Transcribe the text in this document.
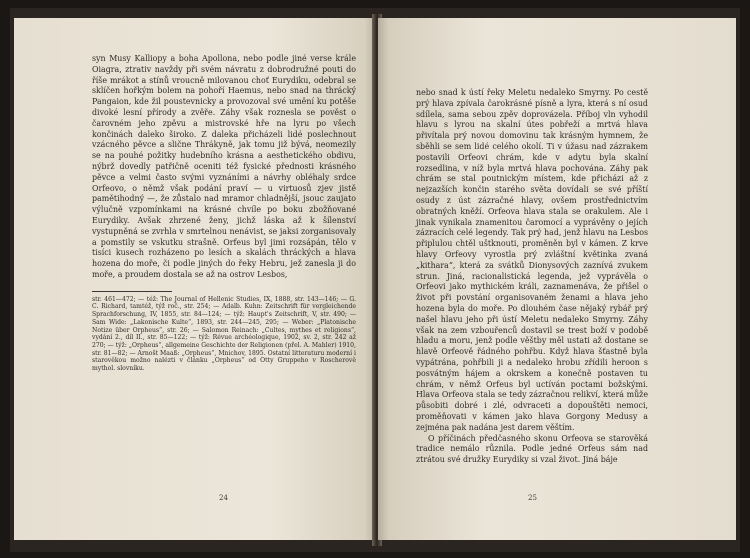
syn Musy Kalliopy a boha Apollona, nebo podle jiné verse krále Oiagra, ztrativ navždy při svém návratu z dobrodružné pouti do říše mrákot a stínů vroucně milovanou choť Eurydiku, odebral se sklíčen hořkým bolem na pohoří Haemus, nebo snad na thrácký Pangaion, kde žil poustevnicky a provozoval své umění ku potěše divoké lesní přírody a zvěře. Záhy však roznesla se pověst o čarovném jeho zpěvu a mistrovské hře na lyru po všech končinách daleko široko. Z daleka přicházeli lidé poslechnout vzácného pěvce a slične Thrákyně, jak tomu již bývá, neomezily se na pouhé požitky hudebního krásna a aesthetického obdivu, nýbrž dovedly patřičně oceniti též fysické přednosti krásného pěvce a velmi často svými vyznáními a návrhy obléhaly srdce Orfeovo, o němž však podání praví — u virtuosů zjev jistě pamětihodný —, že zůstalo nad mramor chladnější, jsouc zaujato výlučně vzpomínkami na krásné chvíle po boku zbožňované Eurydiky. Avšak zhrzené ženy, jichž láska až k šílenství vystupněná se zvrhla v smrtelnou nenávist, se jaksi zorganisovaly a pomstily se vskutku strašně. Orfeus byl jimi rozsápán, tělo v tisíci kusech rozházeno po lesích a skalách thráckých a hlava hozena do moře, či podle jiných do řeky Hebru, jež zanesla ji do moře, a proudem dostala se až na ostrov Lesbos,

str. 461—472; — též: The Journal of Hellenic Studies, IX, 1888, str. 143—146; — G. C. Richard, tamtéž, týž roč., str. 254; — Adalb. Kuhn: Zeitschrift für vergleichende Sprachforschung, IV, 1855, str. 84—124; — týž: Haupt's Zeitschrift, V, str. 490; — Sam Wide: „Lakonische Kulte“, 1893, str. 244—245, 295; — Weber: „Platonische Notize über Orpheus“, str. 26; — Salomon Reinach: „Cultes, mythes et religions“, vydání 2., díl II., str. 85—122; — týž: Révue archéologique, 1902, sv. 2, str. 242 až 270; — týž: „Orpheus“, allgemeine Geschichte der Religionen (přel. A. Mahler) 1910, str. 81—82; — Arnošt Maaß: „Orpheus“, Mnichov, 1895. Ostatní litteraturu moderní i starověkou možno nalézti v článku „Orpheus“ od Otty Gruppeho v Roscherově mythol. slovníku.
24

nebo snad k ústí řeky Meletu nedaleko Smyrny. Po cestě prý hlava zpívala čarokrásné písně a lyra, která s ní osud sdílela, sama sebou zpěv doprovázela. Příboj vln vyhodil hlavu s lyrou na skalní útes pobřeží a mrtvá hlava přivítala prý novou domovinu tak krásným hymnem, že sběhli se sem lidé celého okolí. Ti v úžasu nad zázrakem postavili Orfeovi chrám, kde v adytu byla skalní rozsedlina, v níž byla mrtvá hlava pochována. Záhy pak chrám se stal poutnickým místem, kde přicházi až z nejzazších končin starého světa dovídali se své příští osudy z úst zázračné hlavy, ovšem prostřednictvím obratných kněží. Orfeova hlava stala se orakulem. Ale i jinak vynikala znamenitou čaromocí a vyprávěny o jejích zázracích celé legendy. Tak prý had, jenž hlavu na Lesbos připlulou chtěl uštknouti, proměněn byl v kámen. Z krve hlavy Orfeovy vyrostla prý zvláštní květinka zvaná „kithara“, která za svátků Dionysových zaznívá zvukem strun. Jiná, racionalistická legenda, jež vyprávěla o Orfeovi jako mythickém králi, zaznamenáva, že přišel o život při povstání organisovaném ženami a hlava jeho hozena byla do moře. Po dlouhém čase nějaký rybář prý našel hlavu jeho při ústí Meletu nedaleko Smyrny. Záhy však na zem vzbouřenců dostavil se trest boží v podobě hladu a moru, jenž podle věštby měl ustati až dostane se hlavě Orfeově řádného pohřbu. Když hlava šťastně byla vypátrána, pohřbili ji a nedaleko hrobu zřídili heroon s posvátným hájem a okrskem a konečně postaven tu chrám, v němž Orfeus byl uctíván poctami božskými. Hlava Orfeova stala se tedy zázračnou relikví, která může působiti dobré i zlé, odvraceti a dopouštěti nemoci, proměňovati v kámen jako hlava Gorgony Medusy a zejména pak nadána jest darem věštím.

O příčinách předčasného skonu Orfeova se starověká tradice nemálo různila. Podle jedné Orfeus sám nad ztrátou své družky Eurydiky si vzal život. Jiná báje

25
